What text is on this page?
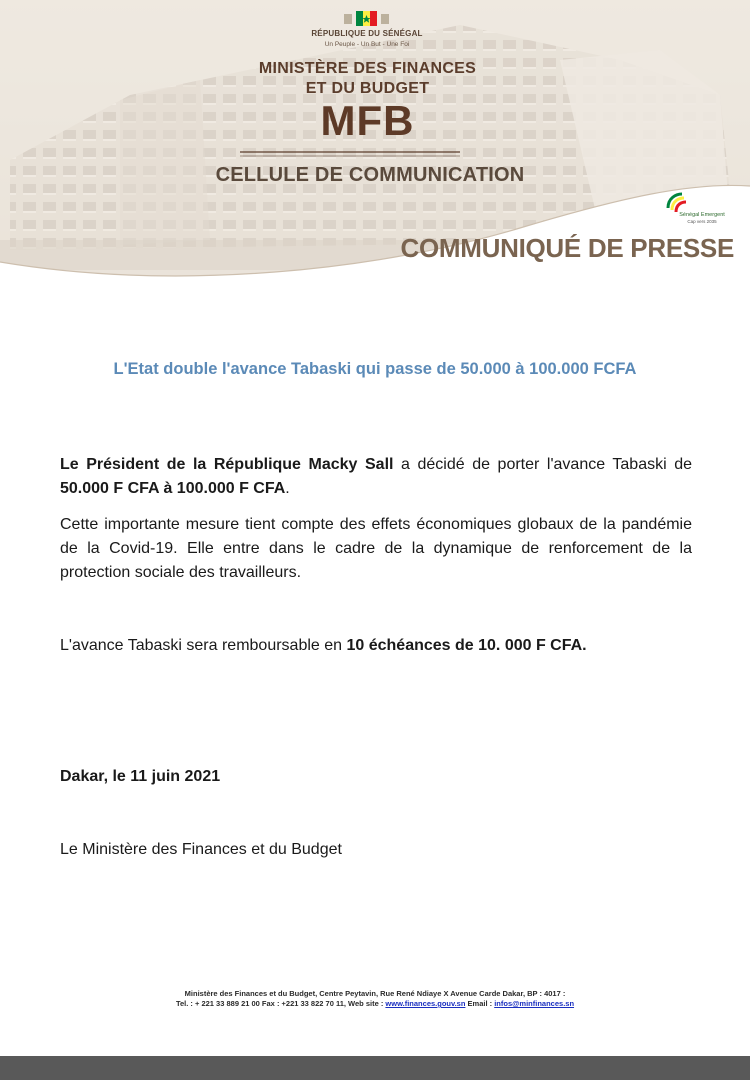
RÉPUBLIQUE DU SÉNÉGAL

Un Peuple - Un But - Une Foi

MINISTÈRE DES FINANCES

ET DU BUDGET

MFB

CELLULE DE COMMUNICATION

Sénégal Emergent

Cap vers 2035

COMMUNIQUÉ DE PRESSE

L'Etat double l'avance Tabaski qui passe de 50.000 à 100.000 FCFA

Le Président de la République Macky Sall a décidé de porter l'avance Tabaski de 50.000 F CFA à 100.000 F CFA.

Cette importante mesure tient compte des effets économiques globaux de la pandémie de la Covid-19. Elle entre dans le cadre de la dynamique de renforcement de la protection sociale des travailleurs.

L'avance Tabaski sera remboursable en 10 échéances de 10. 000 F CFA.

Dakar, le 11 juin 2021

Le Ministère des Finances et du Budget

Ministère des Finances et du Budget, Centre Peytavin, Rue René Ndiaye X Avenue Carde Dakar, BP : 4017 :

Tel. : + 221 33 889 21 00 Fax : +221 33 822 70 11, Web site : www.finances.gouv.sn Email : infos@minfinances.sn
